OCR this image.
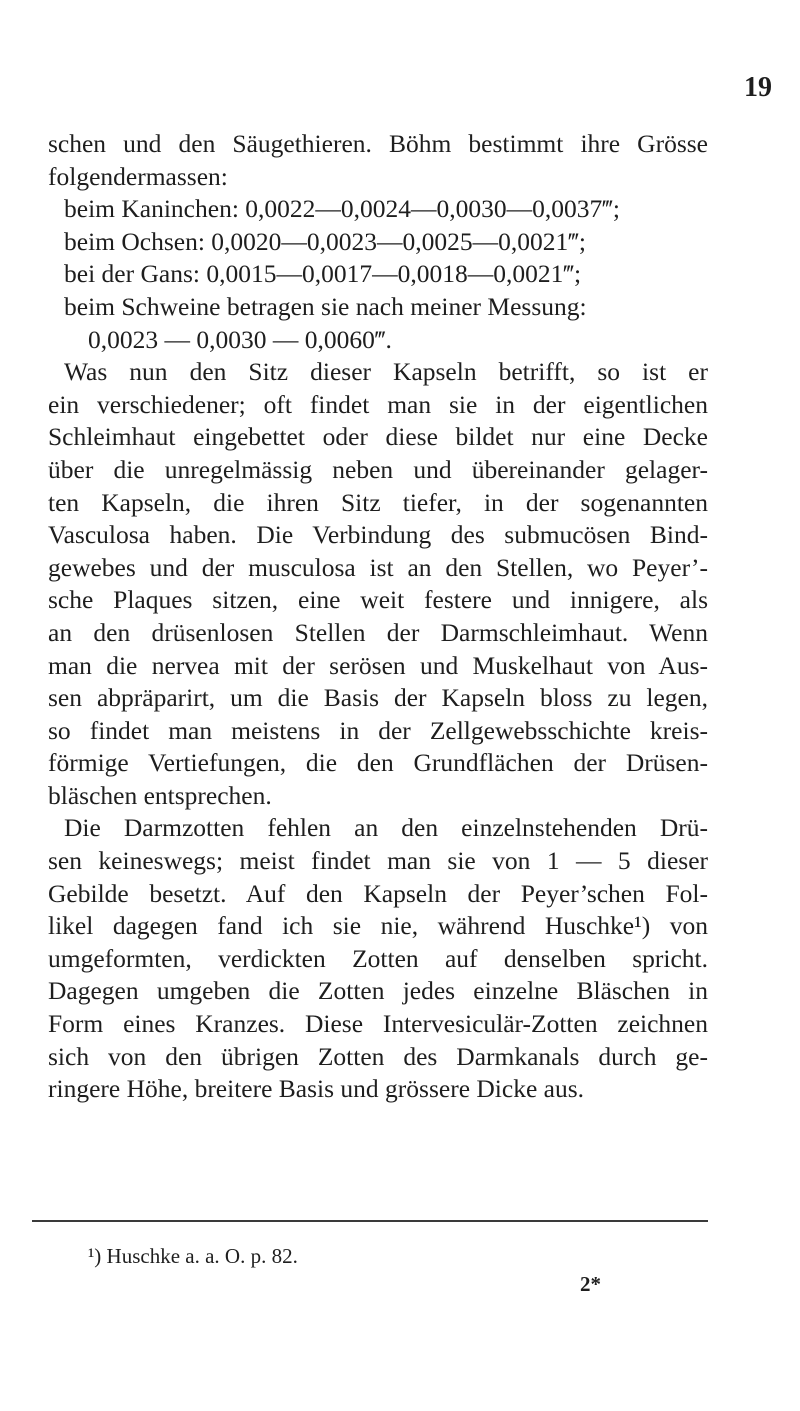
19
schen und den Säugethieren. Böhm bestimmt ihre Grösse
folgendermassen:
beim Kaninchen: 0,0022—0,0024—0,0030—0,0037‴;
beim Ochsen: 0,0020—0,0023—0,0025—0,0021‴;
bei der Gans: 0,0015—0,0017—0,0018—0,0021‴;
beim Schweine betragen sie nach meiner Messung:
0,0023 — 0,0030 — 0,0060‴.
Was nun den Sitz dieser Kapseln betrifft, so ist er
ein verschiedener; oft findet man sie in der eigentlichen
Schleimhaut eingebettet oder diese bildet nur eine Decke
über die unregelmässig neben und übereinander gelager-
ten Kapseln, die ihren Sitz tiefer, in der sogenannten
Vasculosa haben. Die Verbindung des submucösen Bind-
gewebes und der musculosa ist an den Stellen, wo Peyer’-
sche Plaques sitzen, eine weit festere und innigere, als
an den drüsenlosen Stellen der Darmschleimhaut. Wenn
man die nervea mit der serösen und Muskelhaut von Aus-
sen abpräparirt, um die Basis der Kapseln bloss zu legen,
so findet man meistens in der Zellgewebsschichte kreis-
förmige Vertiefungen, die den Grundflächen der Drüsen-
bläschen entsprechen.
Die Darmzotten fehlen an den einzelnstehenden Drü-
sen keineswegs; meist findet man sie von 1 — 5 dieser
Gebilde besetzt. Auf den Kapseln der Peyer’schen Fol-
likel dagegen fand ich sie nie, während Huschke¹) von
umgeformten, verdickten Zotten auf denselben spricht.
Dagegen umgeben die Zotten jedes einzelne Bläschen in
Form eines Kranzes. Diese Intervesiculär-Zotten zeichnen
sich von den übrigen Zotten des Darmkanals durch ge-
ringere Höhe, breitere Basis und grössere Dicke aus.
¹) Huschke a. a. O. p. 82.
2*
